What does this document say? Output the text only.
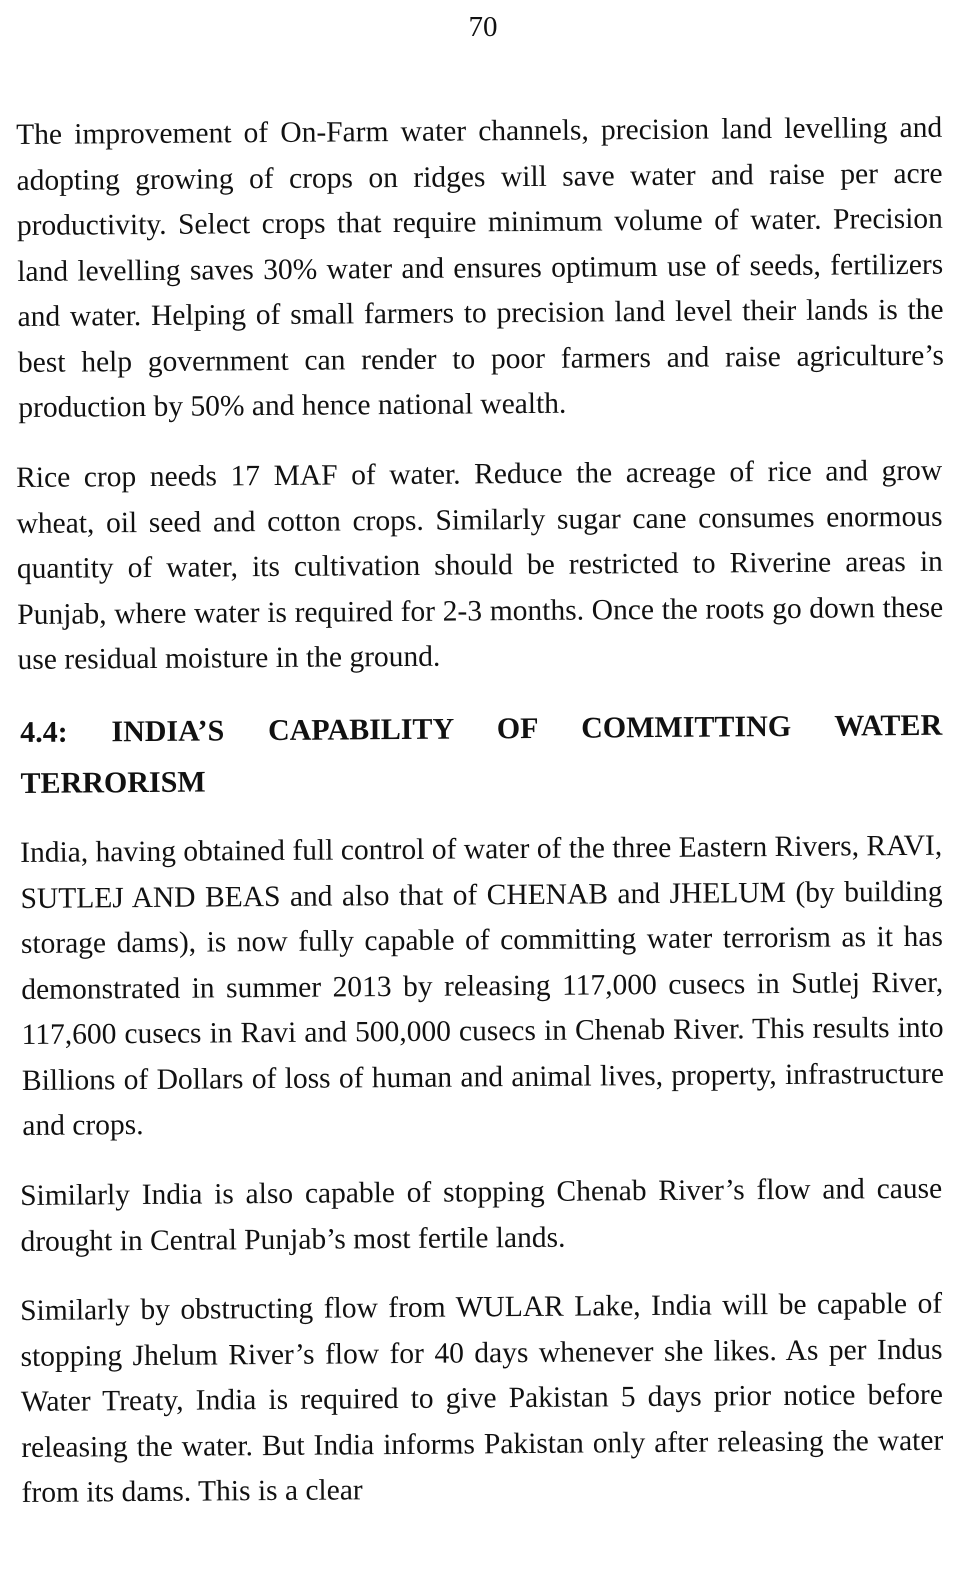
70

The improvement of On-Farm water channels, precision land levelling and adopting growing of crops on ridges will save water and raise per acre productivity. Select crops that require minimum volume of water. Precision land levelling saves 30% water and ensures optimum use of seeds, fertilizers and water. Helping of small farmers to precision land level their lands is the best help government can render to poor farmers and raise agriculture’s production by 50% and hence national wealth.

Rice crop needs 17 MAF of water. Reduce the acreage of rice and grow wheat, oil seed and cotton crops. Similarly sugar cane consumes enormous quantity of water, its cultivation should be restricted to Riverine areas in Punjab, where water is required for 2-3 months. Once the roots go down these use residual moisture in the ground.

4.4: INDIA’S CAPABILITY OF COMMITTING WATER TERRORISM

India, having obtained full control of water of the three Eastern Rivers, RAVI, SUTLEJ AND BEAS and also that of CHENAB and JHELUM (by building storage dams), is now fully capable of committing water terrorism as it has demonstrated in summer 2013 by releasing 117,000 cusecs in Sutlej River, 117,600 cusecs in Ravi and 500,000 cusecs in Chenab River. This results into Billions of Dollars of loss of human and animal lives, property, infrastructure and crops.

Similarly India is also capable of stopping Chenab River’s flow and cause drought in Central Punjab’s most fertile lands.

Similarly by obstructing flow from WULAR Lake, India will be capable of stopping Jhelum River’s flow for 40 days whenever she likes. As per Indus Water Treaty, India is required to give Pakistan 5 days prior notice before releasing the water. But India informs Pakistan only after releasing the water from its dams. This is a clear
